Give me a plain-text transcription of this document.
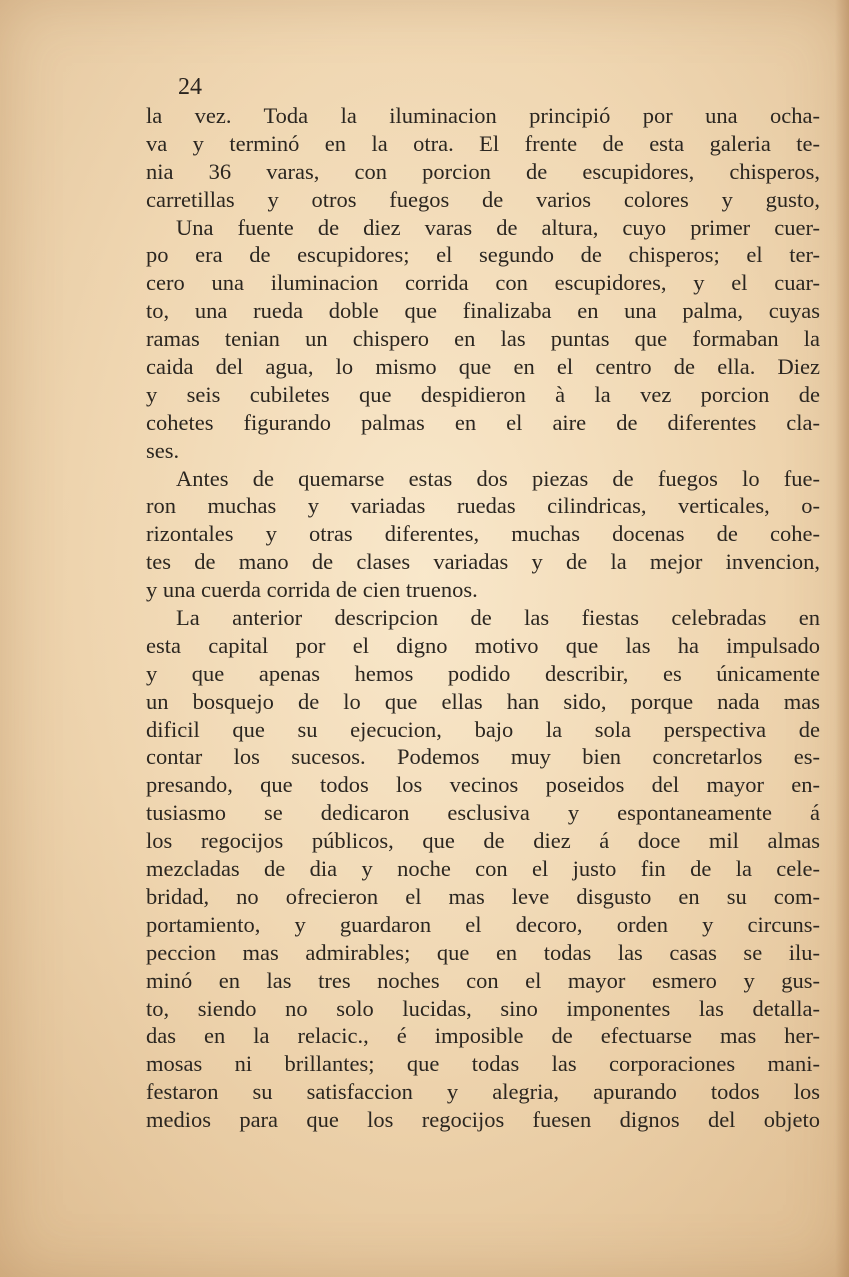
24

la vez. Toda la iluminacion principió por una ocha-
va y terminó en la otra. El frente de esta galeria te-
nia 36 varas, con porcion de escupidores, chisperos,
carretillas y otros fuegos de varios colores y gusto,
Una fuente de diez varas de altura, cuyo primer cuer-
po era de escupidores; el segundo de chisperos; el ter-
cero una iluminacion corrida con escupidores, y el cuar-
to, una rueda doble que finalizaba en una palma, cuyas
ramas tenian un chispero en las puntas que formaban la
caida del agua, lo mismo que en el centro de ella. Diez
y seis cubiletes que despidieron à la vez porcion de
cohetes figurando palmas en el aire de diferentes cla-
ses.
Antes de quemarse estas dos piezas de fuegos lo fue-
ron muchas y variadas ruedas cilindricas, verticales, o-
rizontales y otras diferentes, muchas docenas de cohe-
tes de mano de clases variadas y de la mejor invencion,
y una cuerda corrida de cien truenos.
La anterior descripcion de las fiestas celebradas en
esta capital por el digno motivo que las ha impulsado
y que apenas hemos podido describir, es únicamente
un bosquejo de lo que ellas han sido, porque nada mas
dificil que su ejecucion, bajo la sola perspectiva de
contar los sucesos. Podemos muy bien concretarlos es-
presando, que todos los vecinos poseidos del mayor en-
tusiasmo se dedicaron esclusiva y espontaneamente á
los regocijos públicos, que de diez á doce mil almas
mezcladas de dia y noche con el justo fin de la cele-
bridad, no ofrecieron el mas leve disgusto en su com-
portamiento, y guardaron el decoro, orden y circuns-
peccion mas admirables; que en todas las casas se ilu-
minó en las tres noches con el mayor esmero y gus-
to, siendo no solo lucidas, sino imponentes las detalla-
das en la relacic., é imposible de efectuarse mas her-
mosas ni brillantes; que todas las corporaciones mani-
festaron su satisfaccion y alegria, apurando todos los
medios para que los regocijos fuesen dignos del objeto
